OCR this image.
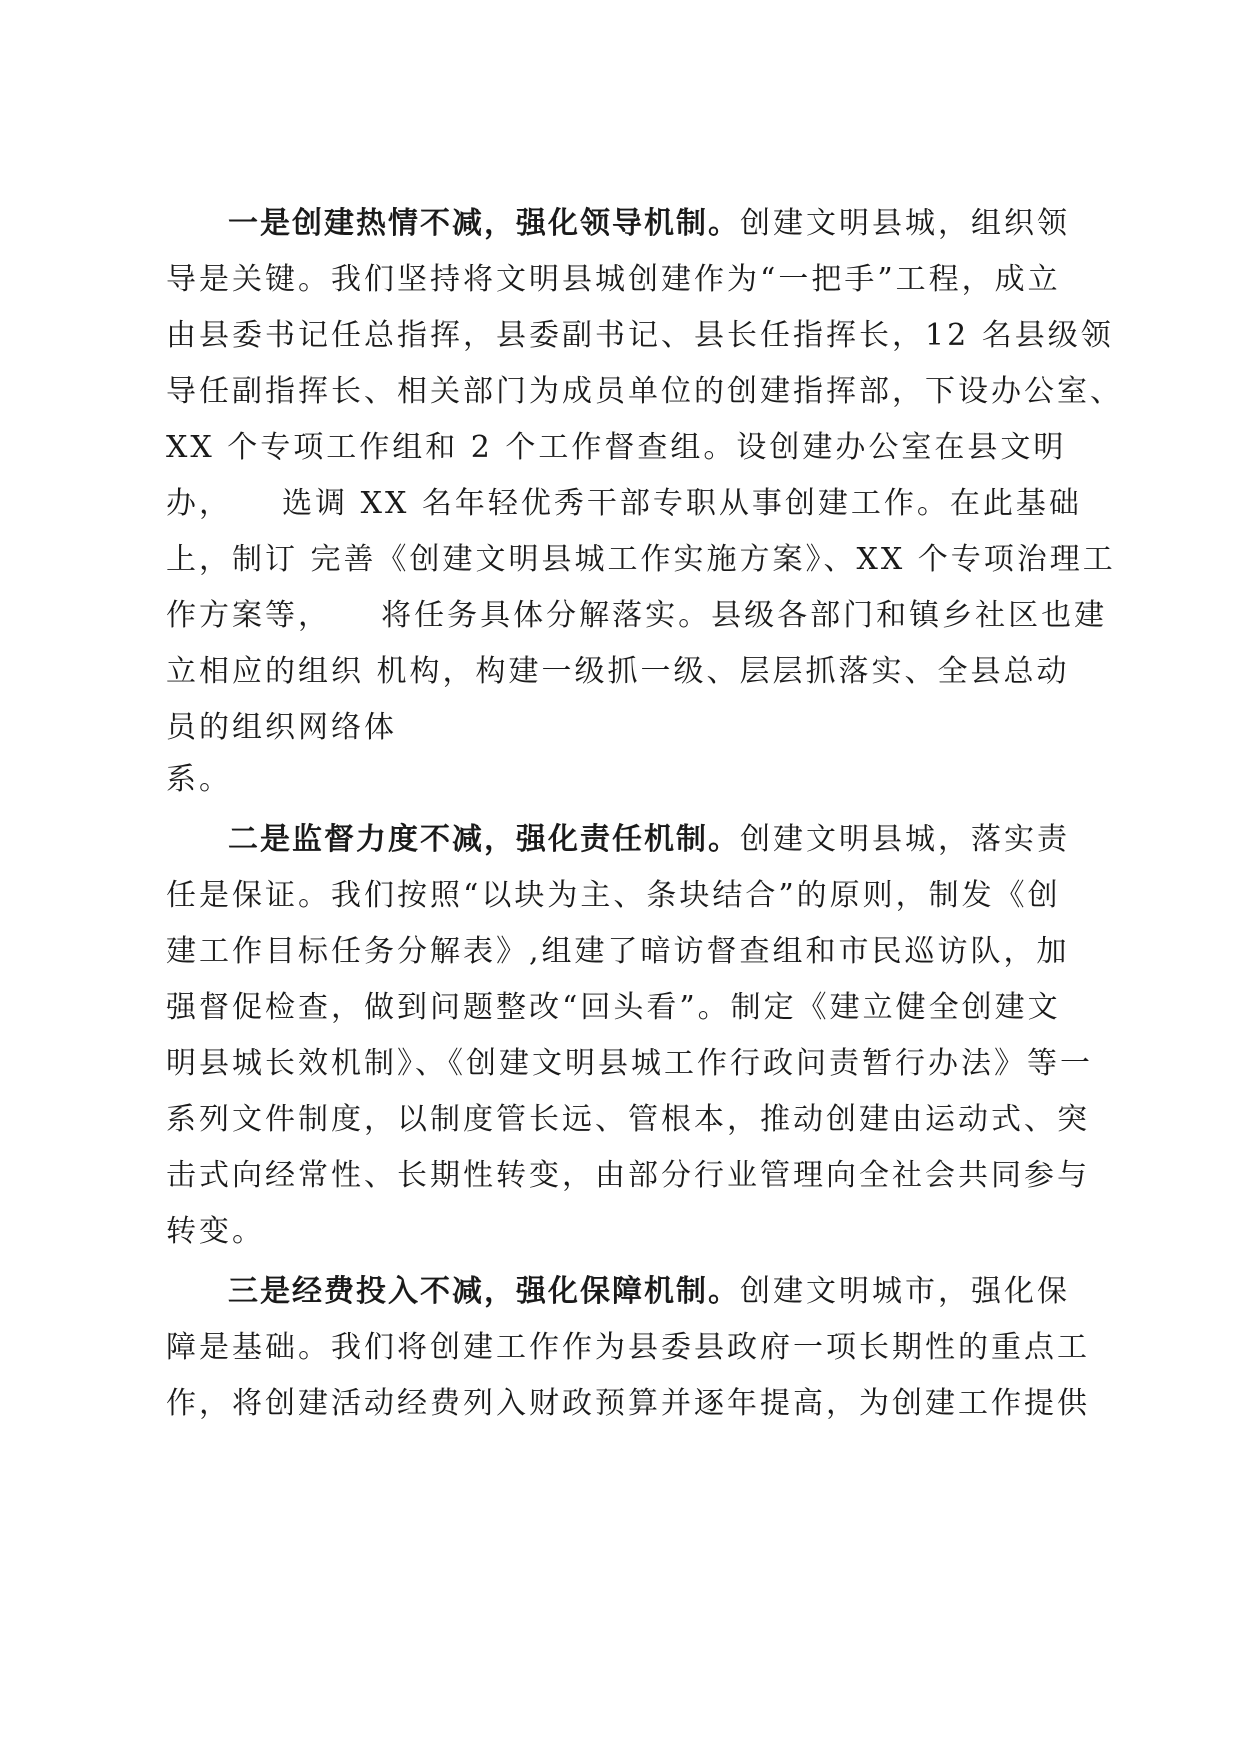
一是创建热情不减，强化领导机制。创建文明县城，组织领
导是关键。我们坚持将文明县城创建作为“一把手”工程，成立
由县委书记任总指挥，县委副书记、县长任指挥长，12 名县级领
导任副指挥长、相关部门为成员单位的创建指挥部，下设办公室、
XX 个专项工作组和 2 个工作督查组。设创建办公室在县文明
办，    选调 XX 名年轻优秀干部专职从事创建工作。在此基础
上，制订 完善《创建文明县城工作实施方案》、XX 个专项治理工
作方案等，    将任务具体分解落实。县级各部门和镇乡社区也建
立相应的组织 机构，构建一级抓一级、层层抓落实、全县总动
员的组织网络体
系。
二是监督力度不减，强化责任机制。创建文明县城，落实责
任是保证。我们按照“以块为主、条块结合”的原则，制发《创
建工作目标任务分解表》,组建了暗访督查组和市民巡访队，加
强督促检查，做到问题整改“回头看”。制定《建立健全创建文
明县城长效机制》、《创建文明县城工作行政问责暂行办法》等一
系列文件制度，以制度管长远、管根本，推动创建由运动式、突
击式向经常性、长期性转变，由部分行业管理向全社会共同参与
转变。
三是经费投入不减，强化保障机制。创建文明城市，强化保
障是基础。我们将创建工作作为县委县政府一项长期性的重点工
作，将创建活动经费列入财政预算并逐年提高，为创建工作提供
